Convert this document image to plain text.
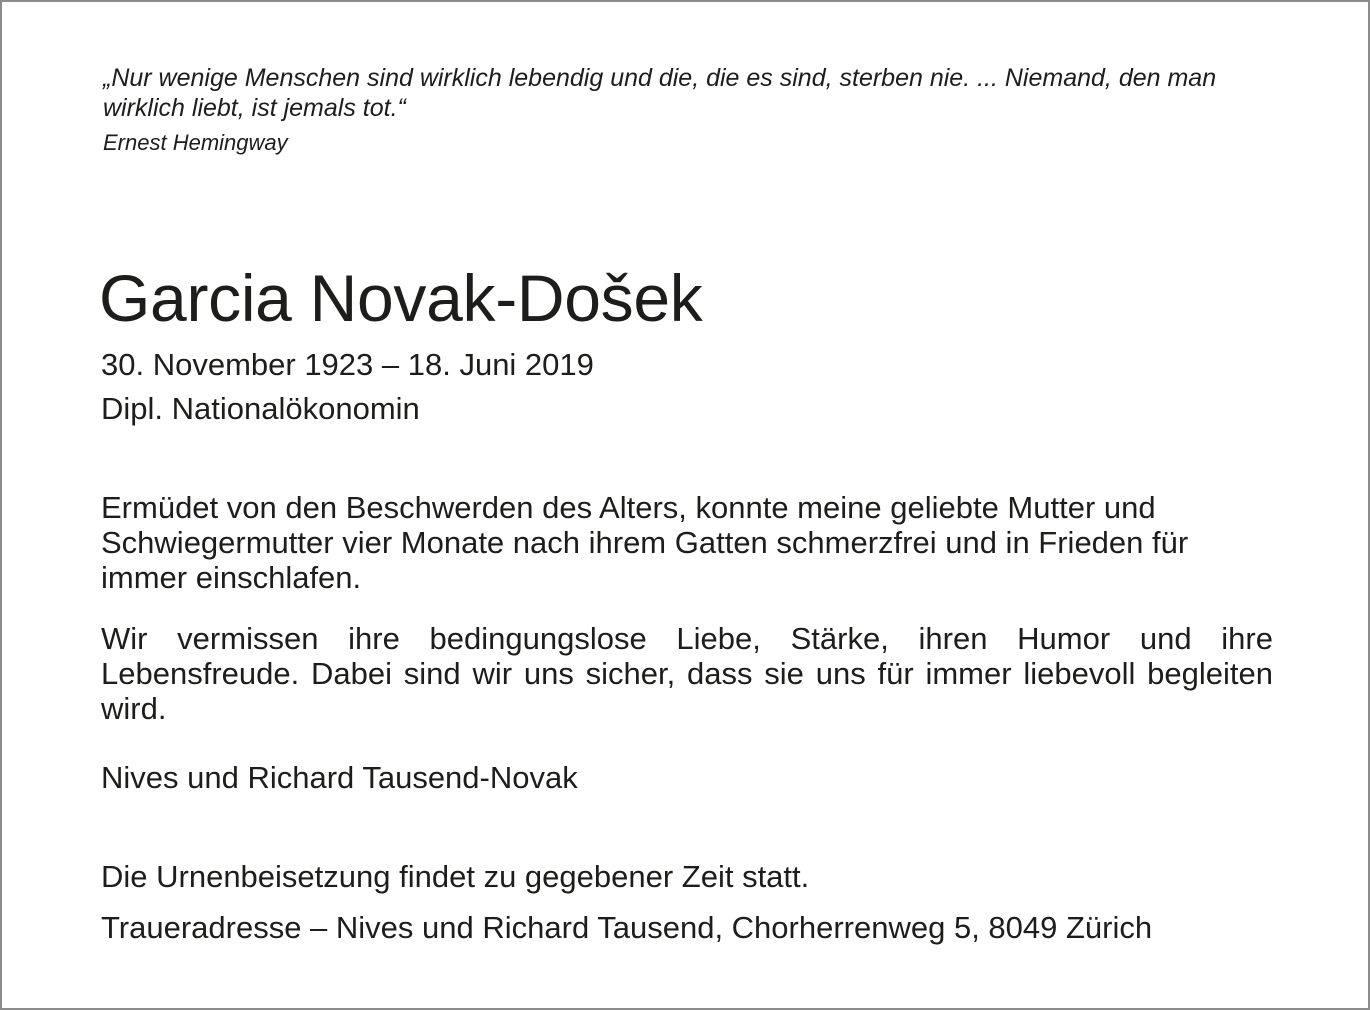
„Nur wenige Menschen sind wirklich lebendig und die, die es sind, sterben nie. ... Niemand, den man wirklich liebt, ist jemals tot.“

Ernest Hemingway

Garcia Novak-Došek

30. November 1923 – 18. Juni 2019

Dipl. Nationalökonomin

Ermüdet von den Beschwerden des Alters, konnte meine geliebte Mutter und Schwiegermutter vier Monate nach ihrem Gatten schmerzfrei und in Frieden für immer einschlafen.

Wir vermissen ihre bedingungslose Liebe, Stärke, ihren Humor und ihre Lebensfreude. Dabei sind wir uns sicher, dass sie uns für immer liebevoll begleiten wird.

Nives und Richard Tausend-Novak

Die Urnenbeisetzung findet zu gegebener Zeit statt.

Traueradresse – Nives und Richard Tausend, Chorherrenweg 5, 8049 Zürich
